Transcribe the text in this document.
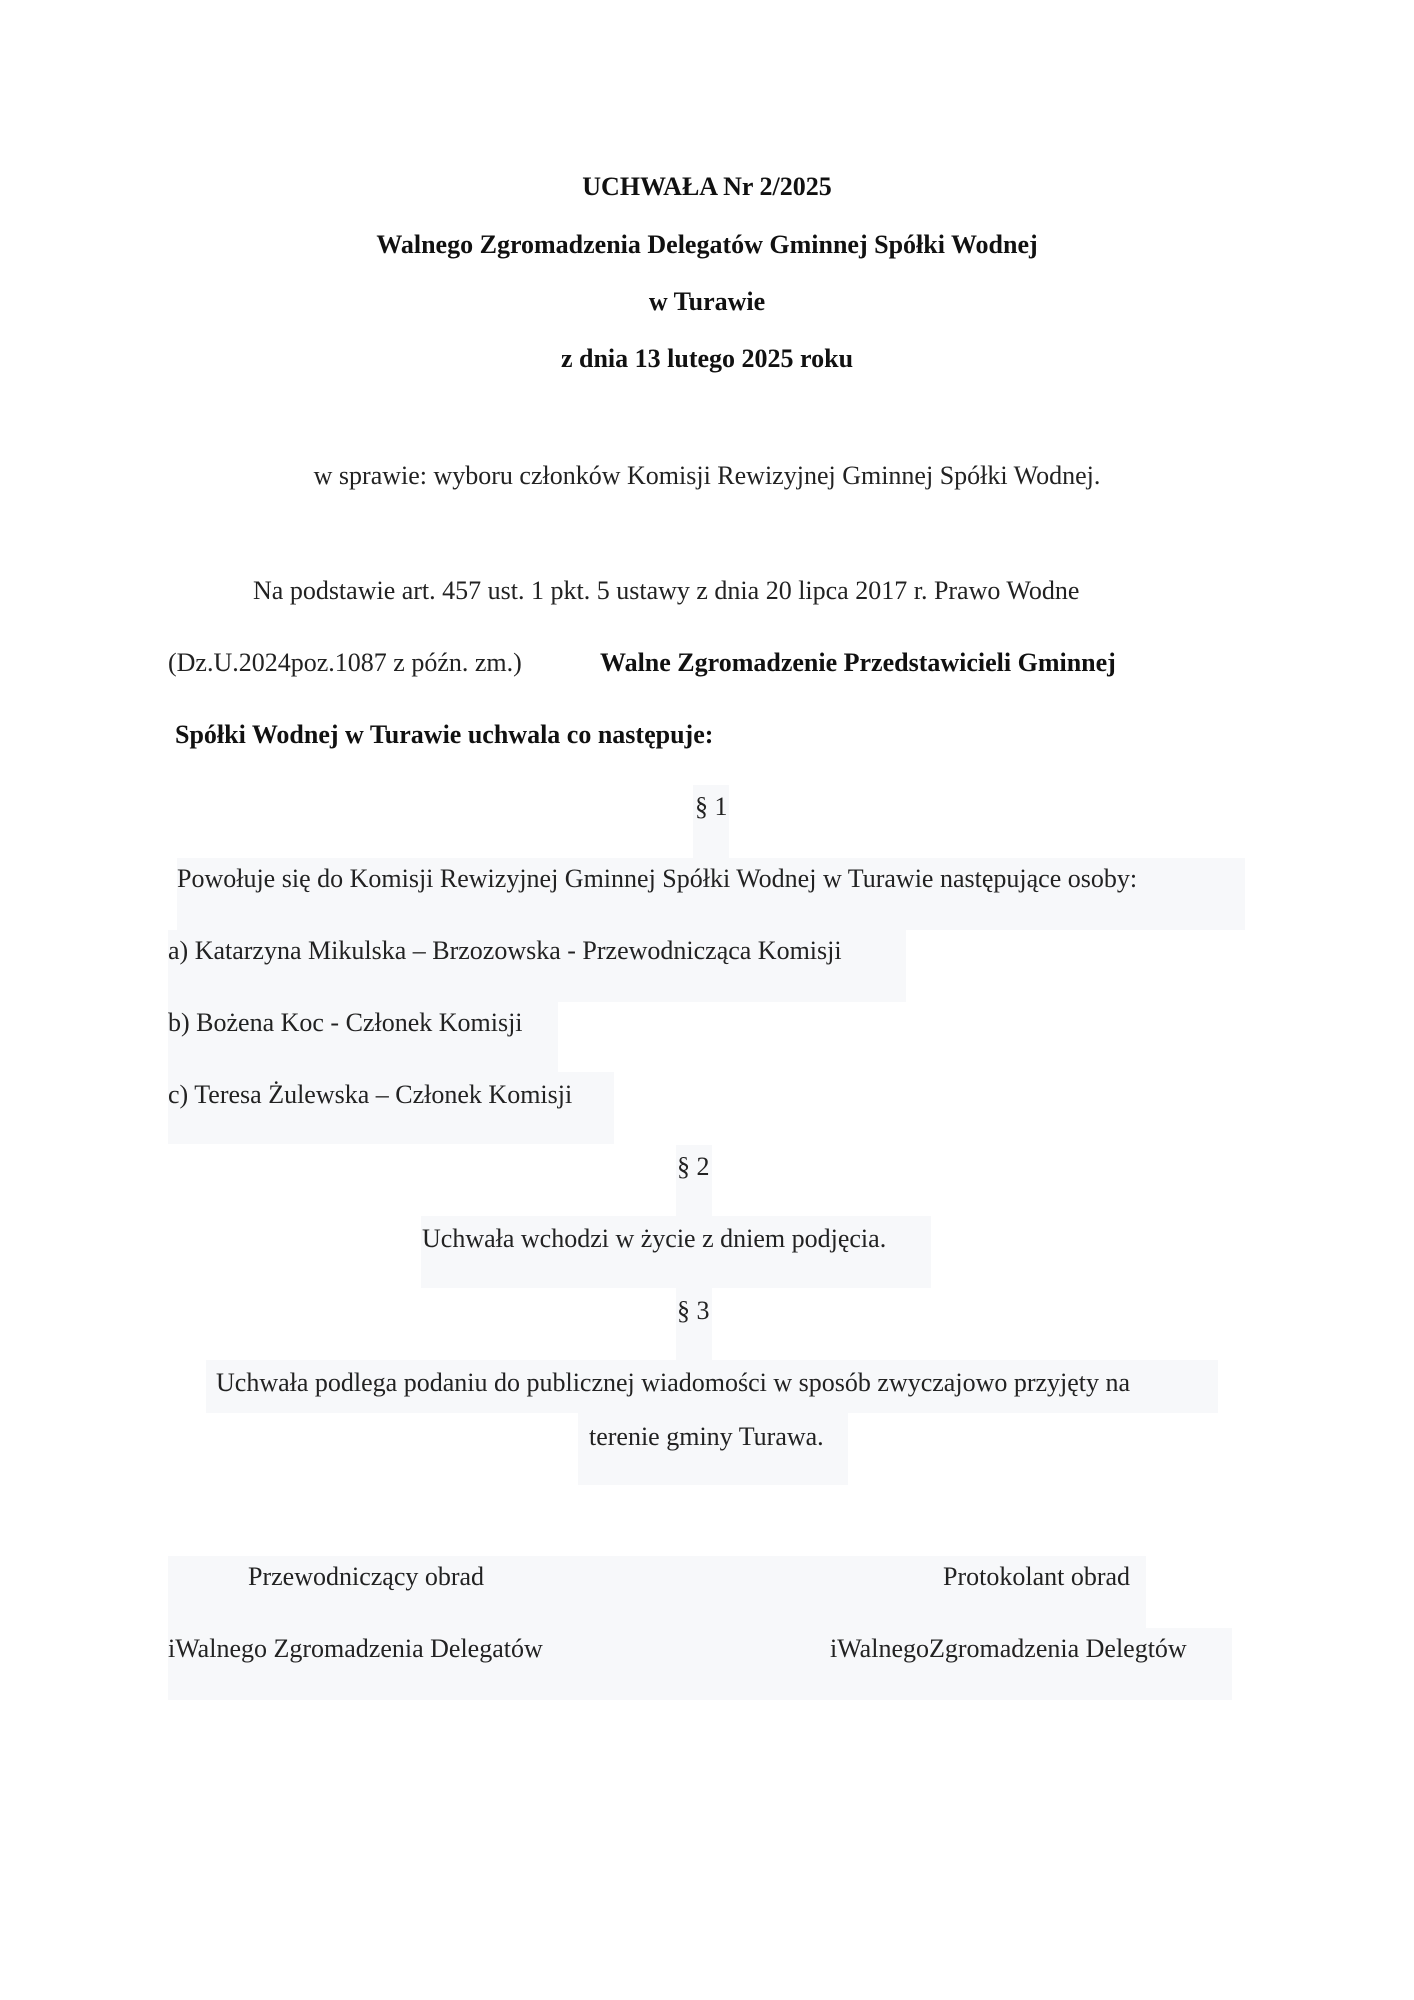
UCHWAŁA Nr 2/2025
Walnego Zgromadzenia Delegatów Gminnej Spółki Wodnej
w Turawie
z dnia 13 lutego 2025 roku
w sprawie: wyboru członków Komisji Rewizyjnej Gminnej Spółki Wodnej.
Na podstawie art. 457 ust. 1 pkt. 5 ustawy z dnia 20 lipca 2017 r. Prawo Wodne
(Dz.U.2024poz.1087 z późn. zm.)	Walne Zgromadzenie Przedstawicieli Gminnej
Spółki Wodnej w Turawie uchwala co następuje:
§ 1
Powołuje się do Komisji Rewizyjnej Gminnej Spółki Wodnej w Turawie następujące osoby:
a) Katarzyna Mikulska – Brzozowska - Przewodnicząca Komisji
b) Bożena Koc - Członek Komisji
c) Teresa Żulewska – Członek Komisji
§ 2
Uchwała wchodzi w życie z dniem podjęcia.
§ 3
Uchwała podlega podaniu do publicznej wiadomości w sposób zwyczajowo przyjęty na
terenie gminy Turawa.
Przewodniczący obrad	Protokolant obrad
iWalnego Zgromadzenia Delegatów	iWalnegoZgromadzenia Delegtów
